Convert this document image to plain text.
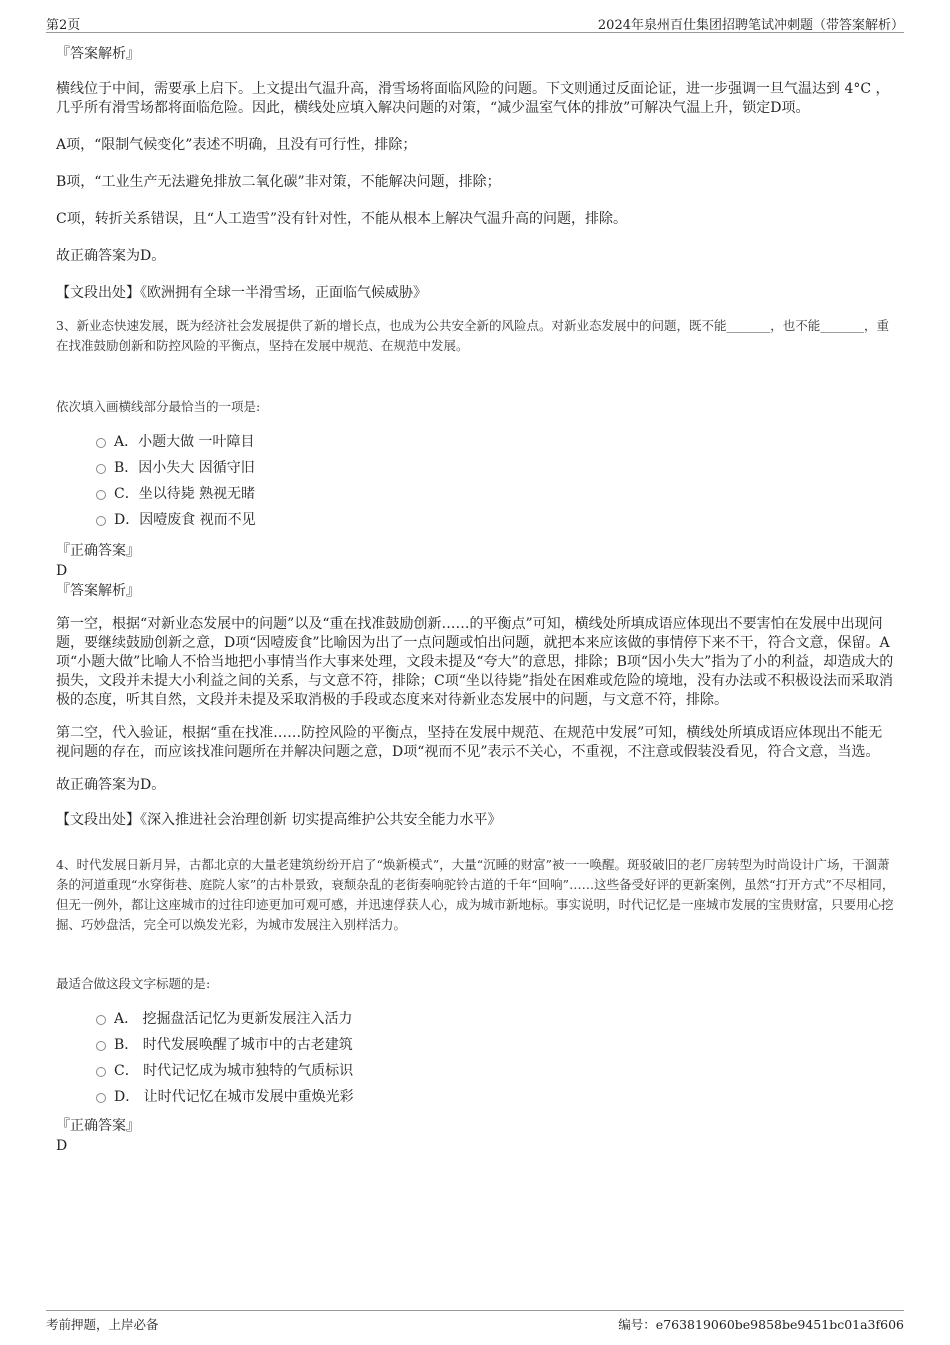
第2页	2024年泉州百仕集团招聘笔试冲刺题（带答案解析）

『答案解析』

横线位于中间，需要承上启下。上文提出气温升高，滑雪场将面临风险的问题。下文则通过反面论证，进一步强调一旦气温达到 4°C ，几乎所有滑雪场都将面临危险。因此，横线处应填入解决问题的对策，“减少温室气体的排放”可解决气温上升，锁定D项。

A项，“限制气候变化”表述不明确，且没有可行性，排除；

B项，“工业生产无法避免排放二氧化碳”非对策，不能解决问题，排除；

C项，转折关系错误，且“人工造雪”没有针对性，不能从根本上解决气温升高的问题，排除。

故正确答案为D。

【文段出处】《欧洲拥有全球一半滑雪场，正面临气候威胁》

3、新业态快速发展，既为经济社会发展提供了新的增长点，也成为公共安全新的风险点。对新业态发展中的问题，既不能_______，也不能_______，重在找准鼓励创新和防控风险的平衡点，坚持在发展中规范、在规范中发展。

依次填入画横线部分最恰当的一项是:

A．小题大做 一叶障目
B．因小失大 因循守旧
C．坐以待毙 熟视无睹
D．因噎废食 视而不见

『正确答案』

D

『答案解析』

第一空，根据“对新业态发展中的问题”以及“重在找准鼓励创新……的平衡点”可知，横线处所填成语应体现出不要害怕在发展中出现问题，要继续鼓励创新之意，D项“因噎废食”比喻因为出了一点问题或怕出问题，就把本来应该做的事情停下来不干，符合文意，保留。A项“小题大做”比喻人不恰当地把小事情当作大事来处理，文段未提及“夸大”的意思，排除；B项“因小失大”指为了小的利益，却造成大的损失，文段并未提大小利益之间的关系，与文意不符，排除；C项“坐以待毙”指处在困难或危险的境地，没有办法或不积极设法而采取消极的态度，听其自然，文段并未提及采取消极的手段或态度来对待新业态发展中的问题，与文意不符，排除。

第二空，代入验证，根据“重在找准……防控风险的平衡点，坚持在发展中规范、在规范中发展”可知，横线处所填成语应体现出不能无视问题的存在，而应该找准问题所在并解决问题之意，D项“视而不见”表示不关心，不重视，不注意或假装没看见，符合文意，当选。

故正确答案为D。

【文段出处】《深入推进社会治理创新 切实提高维护公共安全能力水平》

4、时代发展日新月异，古都北京的大量老建筑纷纷开启了“焕新模式”，大量“沉睡的财富”被一一唤醒。斑驳破旧的老厂房转型为时尚设计广场，干涸萧条的河道重现“水穿街巷、庭院人家”的古朴景致，衰颓杂乱的老街奏响驼铃古道的千年“回响”……这些备受好评的更新案例，虽然“打开方式”不尽相同，但无一例外，都让这座城市的过往印迹更加可观可感，并迅速俘获人心，成为城市新地标。事实说明，时代记忆是一座城市发展的宝贵财富，只要用心挖掘、巧妙盘活，完全可以焕发光彩，为城市发展注入别样活力。

最适合做这段文字标题的是:

A． 挖掘盘活记忆为更新发展注入活力
B． 时代发展唤醒了城市中的古老建筑
C． 时代记忆成为城市独特的气质标识
D． 让时代记忆在城市发展中重焕光彩

『正确答案』

D

考前押题，上岸必备	编号：e763819060be9858be9451bc01a3f606
